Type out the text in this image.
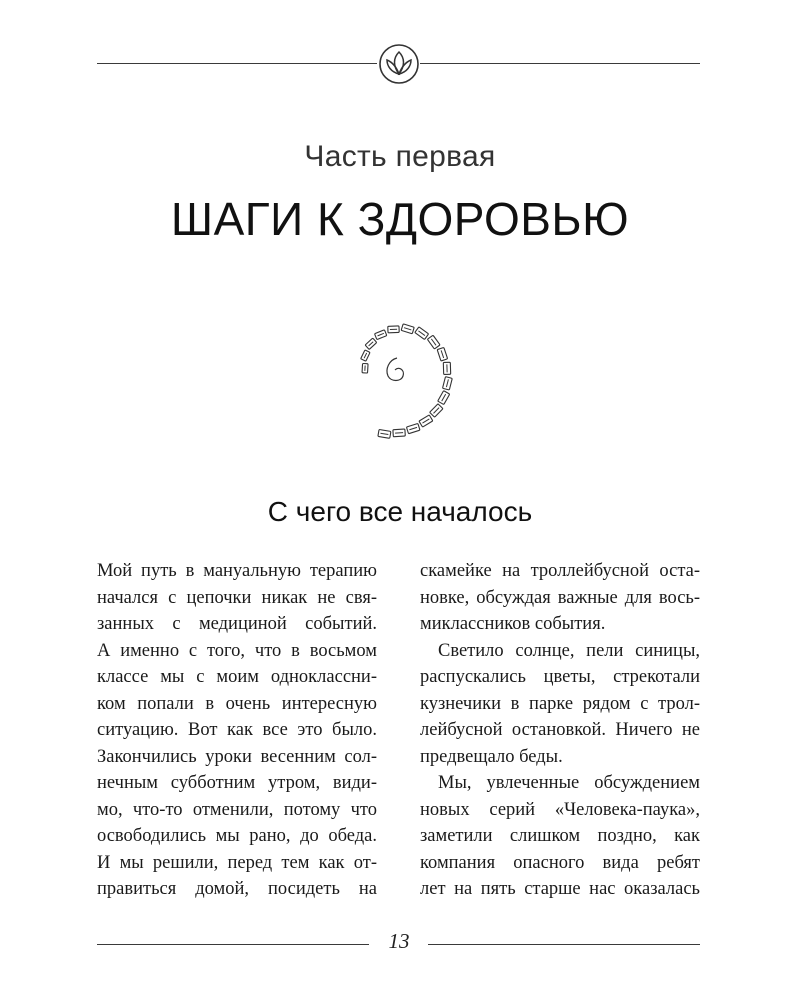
Часть первая
ШАГИ К ЗДОРОВЬЮ
С чего все началось
Мой путь в мануальную терапию
начался с цепочки никак не свя-
занных с медициной событий.
А именно с того, что в восьмом
классе мы с моим одноклассни-
ком попали в очень интересную
ситуацию. Вот как все это было.
Закончились уроки весенним сол-
нечным субботним утром, види-
мо, что-то отменили, потому что
освободились мы рано, до обеда.
И мы решили, перед тем как от-
правиться домой, посидеть на
скамейке на троллейбусной оста-
новке, обсуждая важные для вось-
миклассников события.
Светило солнце, пели синицы,
распускались цветы, стрекотали
кузнечики в парке рядом с трол-
лейбусной остановкой. Ничего не
предвещало беды.
Мы, увлеченные обсуждением
новых серий «Человека-паука»,
заметили слишком поздно, как
компания опасного вида ребят
лет на пять старше нас оказалась
13
